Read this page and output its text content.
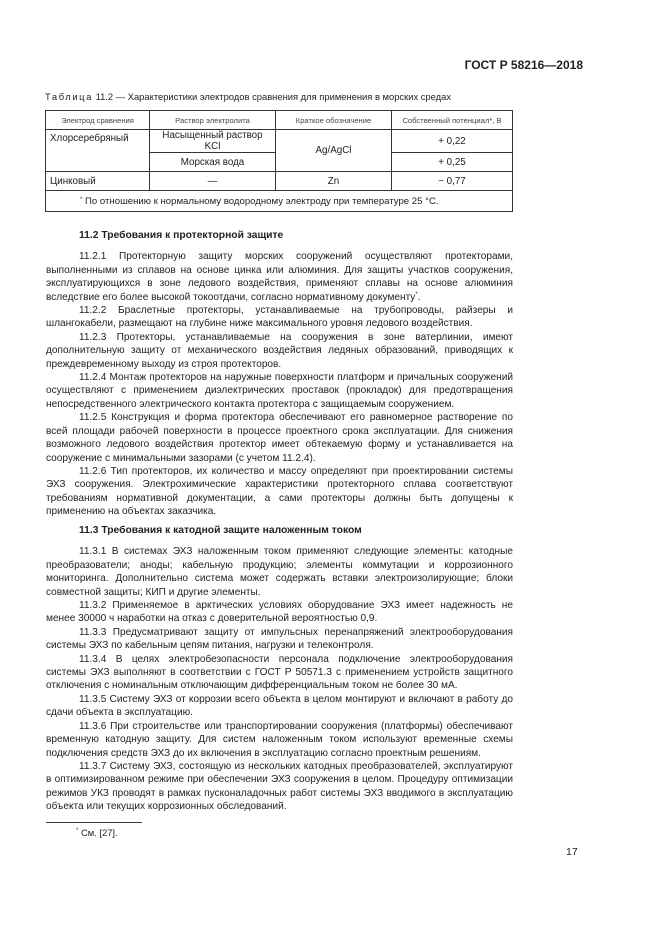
ГОСТ Р 58216—2018
Таблица 11.2 — Характеристики электродов сравнения для применения в морских средах
Электрод сравнения	Раствор электролита	Краткое обозначение	Собственный потенциал*, В
Хлорсеребряный	Насыщенный раствор KCl	Ag/AgCl	+ 0,22
	Морская вода		+ 0,25
Цинковый	—	Zn	− 0,77
* По отношению к нормальному водородному электроду при температуре 25 °С.			
11.2 Требования к протекторной защите

11.2.1 Протекторную защиту морских сооружений осуществляют протекторами, выполненными из сплавов на основе цинка или алюминия. Для защиты участков сооружения, эксплуатирующихся в зоне ледового воздействия, применяют сплавы на основе алюминия вследствие его более высокой токоотдачи, согласно нормативному документу*.

11.2.2 Браслетные протекторы, устанавливаемые на трубопроводы, райзеры и шлангокабели, размещают на глубине ниже максимального уровня ледового воздействия.

11.2.3 Протекторы, устанавливаемые на сооружения в зоне ватерлинии, имеют дополнительную защиту от механического воздействия ледяных образований, приводящих к преждевременному выходу из строя протекторов.

11.2.4 Монтаж протекторов на наружные поверхности платформ и причальных сооружений осуществляют с применением диэлектрических проставок (прокладок) для предотвращения непосредственного электрического контакта протектора с защищаемым сооружением.

11.2.5 Конструкция и форма протектора обеспечивают его равномерное растворение по всей площади рабочей поверхности в процессе проектного срока эксплуатации. Для снижения возможного ледового воздействия протектор имеет обтекаемую форму и устанавливается на сооружение с минимальными зазорами (с учетом 11.2.4).

11.2.6 Тип протекторов, их количество и массу определяют при проектировании системы ЭХЗ сооружения. Электрохимические характеристики протекторного сплава соответствуют требованиям нормативной документации, а сами протекторы должны быть допущены к применению на объектах заказчика.

11.3 Требования к катодной защите наложенным током

11.3.1 В системах ЭХЗ наложенным током применяют следующие элементы: катодные преобразователи; аноды; кабельную продукцию; элементы коммутации и коррозионного мониторинга. Дополнительно система может содержать вставки электроизолирующие; блоки совместной защиты; КИП и другие элементы.

11.3.2 Применяемое в арктических условиях оборудование ЭХЗ имеет надежность не менее 30000 ч наработки на отказ с доверительной вероятностью 0,9.

11.3.3 Предусматривают защиту от импульсных перенапряжений электрооборудования системы ЭХЗ по кабельным цепям питания, нагрузки и телеконтроля.

11.3.4 В целях электробезопасности персонала подключение электрооборудования системы ЭХЗ выполняют в соответствии с ГОСТ Р 50571.3 с применением устройств защитного отключения с номинальным отключающим дифференциальным током не более 30 мА.

11.3.5 Систему ЭХЗ от коррозии всего объекта в целом монтируют и включают в работу до сдачи объекта в эксплуатацию.

11.3.6 При строительстве или транспортировании сооружения (платформы) обеспечивают временную катодную защиту. Для систем наложенным током используют временные схемы подключения средств ЭХЗ до их включения в эксплуатацию согласно проектным решениям.

11.3.7 Систему ЭХЗ, состоящую из нескольких катодных преобразователей, эксплуатируют в оптимизированном режиме при обеспечении ЭХЗ сооружения в целом. Процедуру оптимизации режимов УКЗ проводят в рамках пусконаладочных работ системы ЭХЗ вводимого в эксплуатацию объекта или текущих коррозионных обследований.

* См. [27].
17
